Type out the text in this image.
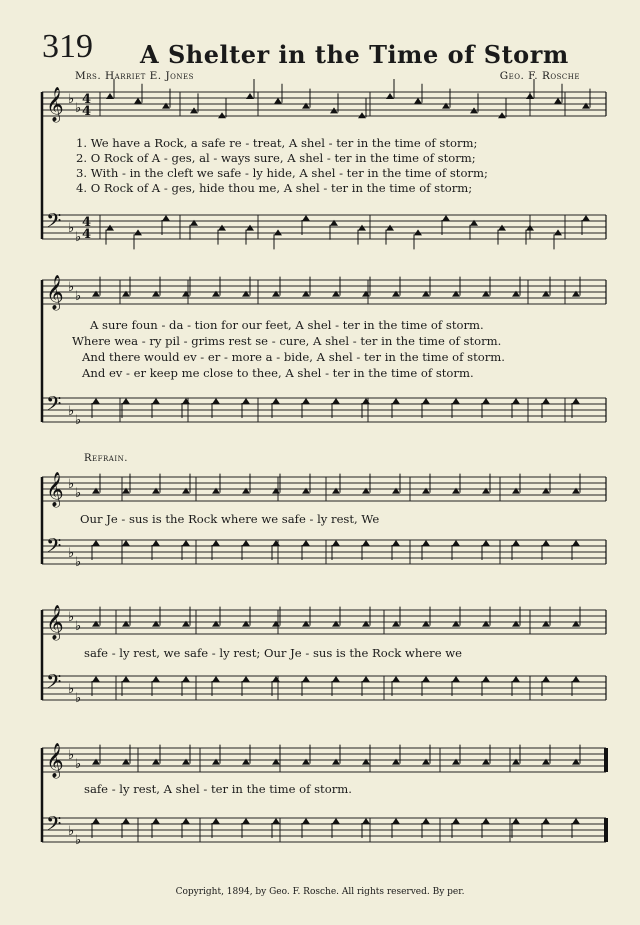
319 A Shelter in the Time of Storm
Mrs. Harriet E. Jones	Geo. F. Rosche
𝄞 ♭
♭
𝄢 ♭
♭
𝄞 ♭
♭
𝄢 ♭
♭
𝄞 ♭
♭
𝄢 ♭
♭
𝄞 ♭
♭
𝄢 ♭
♭
𝄞 ♭
♭
𝄢 ♭
♭
4
4
4
4
1. We have a Rock, a safe re - treat, A shel - ter in the time of storm;
2. O Rock of A - ges, al - ways sure, A shel - ter in the time of storm;
3. With - in the cleft we safe - ly hide, A shel - ter in the time of storm;
4. O Rock of A - ges, hide thou me, A shel - ter in the time of storm;
A sure foun - da - tion for our feet, A shel - ter in the time of storm.
Where wea - ry pil - grims rest se - cure, A shel - ter in the time of storm.
And there would ev - er - more a - bide, A shel - ter in the time of storm.
And ev - er keep me close to thee, A shel - ter in the time of storm.
Refrain.
Our Je - sus is the Rock where we safe - ly rest, We
safe - ly rest, we safe - ly rest; Our Je - sus is the Rock where we
safe - ly rest, A shel - ter in the time of storm.
Copyright, 1894, by Geo. F. Rosche. All rights reserved. By per.
